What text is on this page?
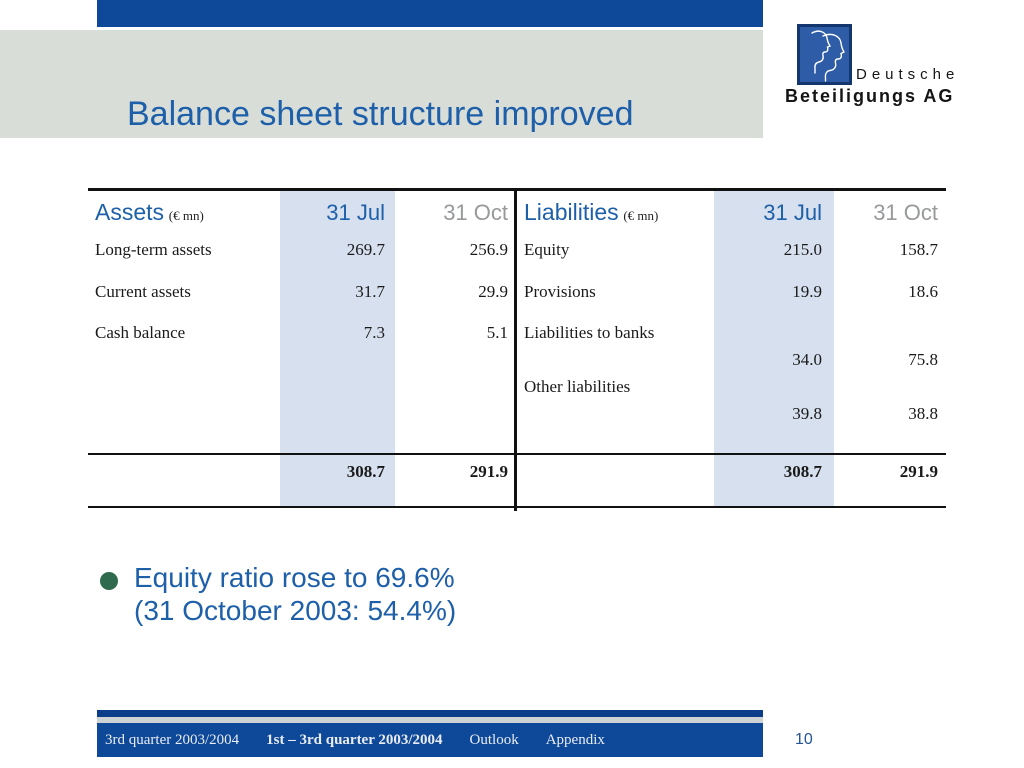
Balance sheet structure improved
Deutsche
Beteiligungs AG
Assets (€ mn)	31 Jul	31 Oct
Long-term assets	269.7	256.9
Current assets	31.7	29.9
Cash balance	7.3	5.1
308.7	291.9
Liabilities (€ mn)	31 Jul	31 Oct
Equity	215.0	158.7
Provisions	19.9	18.6
Liabilities to banks
34.0	75.8
Other liabilities
39.8	38.8
308.7	291.9
Equity ratio rose to 69.6%
(31 October 2003: 54.4%)
3rd quarter 2003/2004 1st – 3rd quarter 2003/2004 Outlook Appendix	10
